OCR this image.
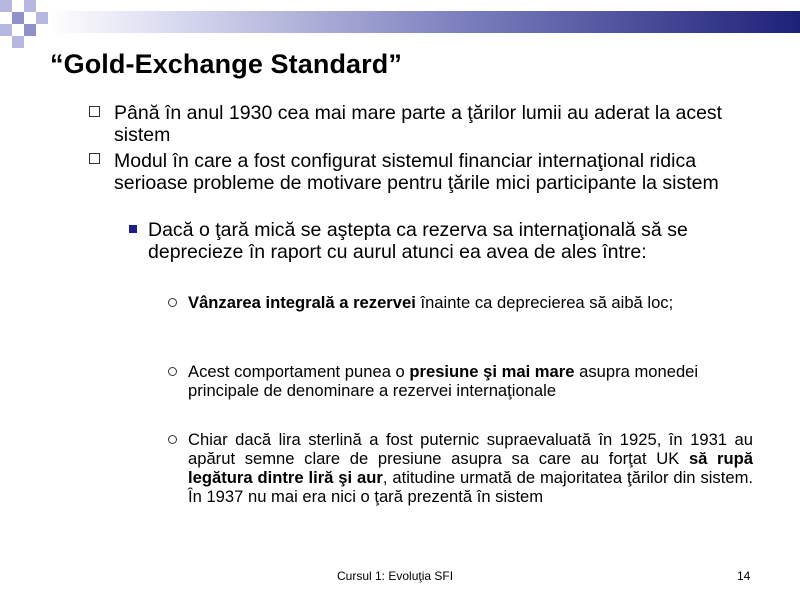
“Gold-Exchange Standard”
Până în anul 1930 cea mai mare parte a ţărilor lumii au aderat la acest sistem
Modul în care a fost configurat sistemul financiar internaţional ridica serioase probleme de motivare pentru ţările mici participante la sistem
Dacă o ţară mică se aştepta ca rezerva sa internaţională să se deprecieze în raport cu aurul atunci ea avea de ales între:
Vânzarea integrală a rezervei înainte ca deprecierea să aibă loc;
Acest comportament punea o presiune şi mai mare asupra monedei principale de denominare a rezervei internaţionale
Chiar dacă lira sterlină a fost puternic supraevaluată în 1925, în 1931 au apărut semne clare de presiune asupra sa care au forţat UK să rupă legătura dintre liră şi aur, atitudine urmată de majoritatea ţărilor din sistem. În 1937 nu mai era nici o ţară prezentă în sistem
Cursul 1: Evoluţia SFI	14
